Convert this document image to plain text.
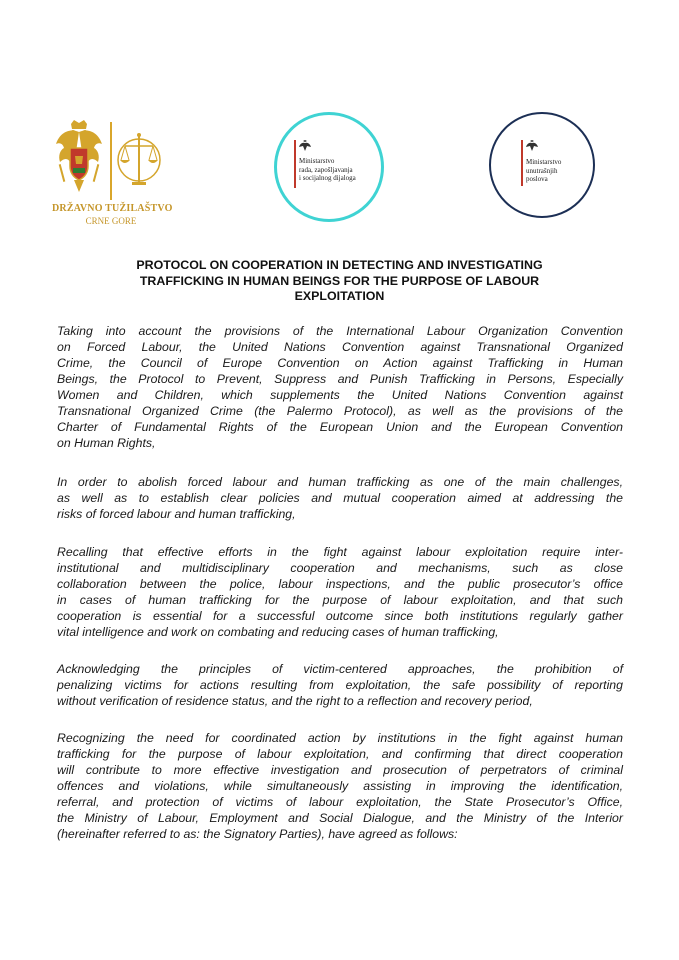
DRŽAVNO TUŽILAŠTVO
CRNE GORE
Ministarstvo
rada, zapošljavanja
i socijalnog dijaloga
Ministarstvo
unutrašnjih
poslova
PROTOCOL ON COOPERATION IN DETECTING AND INVESTIGATING
TRAFFICKING IN HUMAN BEINGS FOR THE PURPOSE OF LABOUR
EXPLOITATION
Taking into account the provisions of the International Labour Organization Convention
on Forced Labour, the United Nations Convention against Transnational Organized
Crime, the Council of Europe Convention on Action against Trafficking in Human
Beings, the Protocol to Prevent, Suppress and Punish Trafficking in Persons, Especially
Women and Children, which supplements the United Nations Convention against
Transnational Organized Crime (the Palermo Protocol), as well as the provisions of the
Charter of Fundamental Rights of the European Union and the European Convention
on Human Rights,
In order to abolish forced labour and human trafficking as one of the main challenges,
as well as to establish clear policies and mutual cooperation aimed at addressing the
risks of forced labour and human trafficking,
Recalling that effective efforts in the fight against labour exploitation require inter-
institutional and multidisciplinary cooperation and mechanisms, such as close
collaboration between the police, labour inspections, and the public prosecutor’s office
in cases of human trafficking for the purpose of labour exploitation, and that such
cooperation is essential for a successful outcome since both institutions regularly gather
vital intelligence and work on combating and reducing cases of human trafficking,
Acknowledging the principles of victim-centered approaches, the prohibition of
penalizing victims for actions resulting from exploitation, the safe possibility of reporting
without verification of residence status, and the right to a reflection and recovery period,
Recognizing the need for coordinated action by institutions in the fight against human
trafficking for the purpose of labour exploitation, and confirming that direct cooperation
will contribute to more effective investigation and prosecution of perpetrators of criminal
offences and violations, while simultaneously assisting in improving the identification,
referral, and protection of victims of labour exploitation, the State Prosecutor’s Office,
the Ministry of Labour, Employment and Social Dialogue, and the Ministry of the Interior
(hereinafter referred to as: the Signatory Parties), have agreed as follows:
